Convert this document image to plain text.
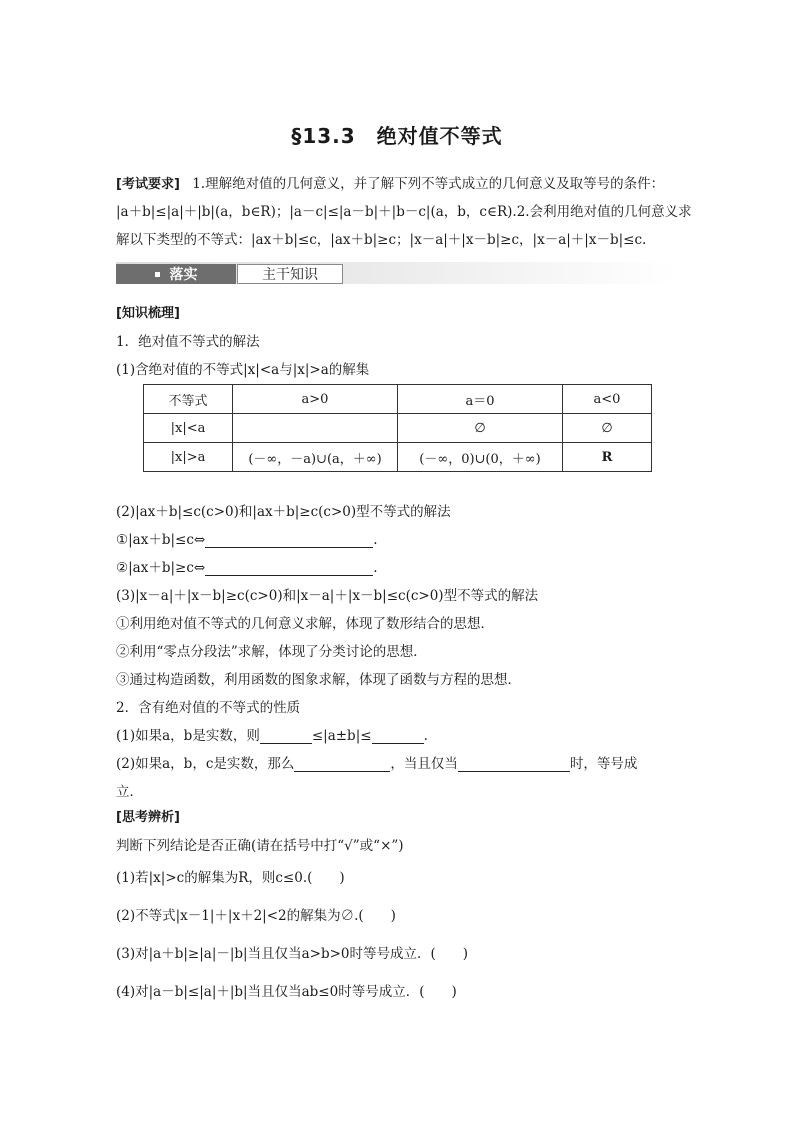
§13.3　绝对值不等式
[考试要求] 1.理解绝对值的几何意义，并了解下列不等式成立的几何意义及取等号的条件：
|a＋b|≤|a|＋|b|(a，b∈R)；|a－c|≤|a－b|＋|b－c|(a，b，c∈R).2.会利用绝对值的几何意义求
解以下类型的不等式：|ax＋b|≤c，|ax＋b|≥c；|x－a|＋|x－b|≥c，|x－a|＋|x－b|≤c.
落实	主干知识
[知识梳理]
1．绝对值不等式的解法
(1)含绝对值的不等式|x|<a与|x|>a的解集
不等式	a>0	a＝0	a<0
|x|<a		∅	∅
|x|>a	(－∞，－a)∪(a，＋∞)	(－∞，0)∪(0，＋∞)	R
(2)|ax＋b|≤c(c>0)和|ax＋b|≥c(c>0)型不等式的解法
①|ax＋b|≤c⇔	.
②|ax＋b|≥c⇔	.
(3)|x－a|＋|x－b|≥c(c>0)和|x－a|＋|x－b|≤c(c>0)型不等式的解法
①利用绝对值不等式的几何意义求解，体现了数形结合的思想．
②利用“零点分段法”求解，体现了分类讨论的思想．
③通过构造函数，利用函数的图象求解，体现了函数与方程的思想．
2．含有绝对值的不等式的性质
(1)如果a，b是实数，则	≤|a±b|≤	.
(2)如果a，b，c是实数，那么	，当且仅当	时，等号成
立．
[思考辨析]
判断下列结论是否正确(请在括号中打“√”或“×”)
(1)若|x|>c的解集为R，则c≤0.(　　)
(2)不等式|x－1|＋|x＋2|<2的解集为∅.(　　)
(3)对|a＋b|≥|a|－|b|当且仅当a>b>0时等号成立．(　　)
(4)对|a－b|≤|a|＋|b|当且仅当ab≤0时等号成立．(　　)
